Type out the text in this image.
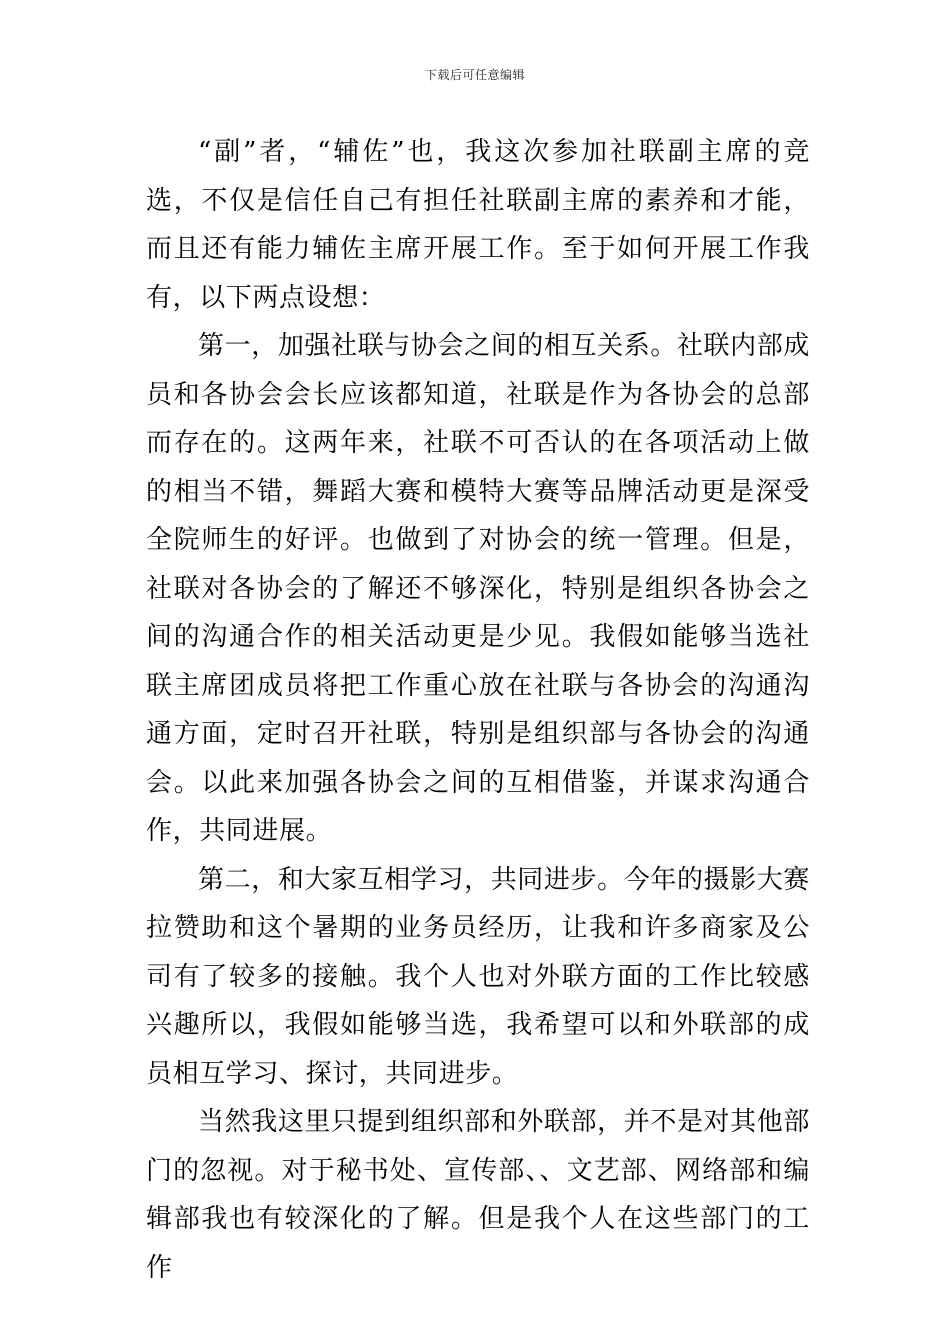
下载后可任意编辑

“副”者，“辅佐”也，我这次参加社联副主席的竞选，不仅是信任自己有担任社联副主席的素养和才能，而且还有能力辅佐主席开展工作。至于如何开展工作我有，以下两点设想：

第一，加强社联与协会之间的相互关系。社联内部成员和各协会会长应该都知道，社联是作为各协会的总部而存在的。这两年来，社联不可否认的在各项活动上做的相当不错，舞蹈大赛和模特大赛等品牌活动更是深受全院师生的好评。也做到了对协会的统一管理。但是，社联对各协会的了解还不够深化，特别是组织各协会之间的沟通合作的相关活动更是少见。我假如能够当选社联主席团成员将把工作重心放在社联与各协会的沟通沟通方面，定时召开社联，特别是组织部与各协会的沟通会。以此来加强各协会之间的互相借鉴，并谋求沟通合作，共同进展。

第二，和大家互相学习，共同进步。今年的摄影大赛拉赞助和这个暑期的业务员经历，让我和许多商家及公司有了较多的接触。我个人也对外联方面的工作比较感兴趣所以，我假如能够当选，我希望可以和外联部的成员相互学习、探讨，共同进步。

当然我这里只提到组织部和外联部，并不是对其他部门的忽视。对于秘书处、宣传部、、文艺部、网络部和编辑部我也有较深化的了解。但是我个人在这些部门的工作
